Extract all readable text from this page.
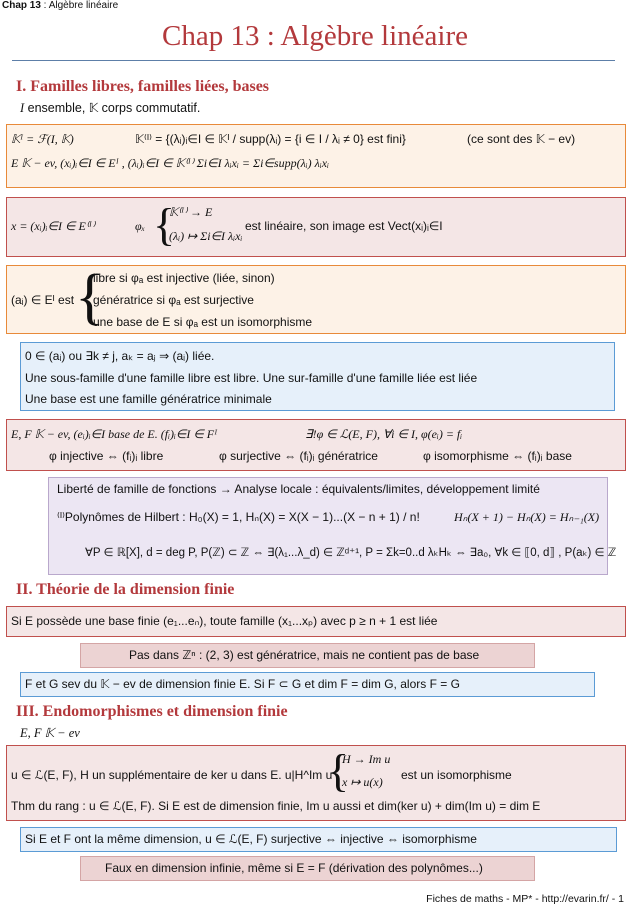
Chap 13 : Algèbre linéaire
Chap 13 : Algèbre linéaire
I. Familles libres, familles liées, bases
I ensemble, 𝕂 corps commutatif.
𝕂ᴵ = ℱ(I, 𝕂)	𝕂⁽ᴵ⁾ = {(λᵢ)ᵢ∈I ∈ 𝕂ᴵ / supp(λᵢ) = {i ∈ I / λᵢ ≠ 0} est fini}	(ce sont des 𝕂 − ev)
E 𝕂 − ev, (xᵢ)ᵢ∈I ∈ Eᴵ , (λᵢ)ᵢ∈I ∈ 𝕂⁽ᴵ⁾ Σi∈I λᵢxᵢ = Σi∈supp(λᵢ) λᵢxᵢ
x = (xᵢ)ᵢ∈I ∈ E⁽ᴵ⁾	φₓ {
𝕂⁽ᴵ⁾ → E
(λᵢ) ↦ Σi∈I λᵢxᵢ
est linéaire, son image est Vect(xᵢ)ᵢ∈I
(aᵢ) ∈ Eᴵ est {
libre si φₐ est injective (liée, sinon)
génératrice si φₐ est surjective
une base de E si φₐ est un isomorphisme
0 ∈ (aᵢ) ou ∃k ≠ j, aₖ = aⱼ ⇒ (aᵢ) liée.
Une sous-famille d'une famille libre est libre. Une sur-famille d'une famille liée est liée
Une base est une famille génératrice minimale
E, F 𝕂 − ev, (eᵢ)ᵢ∈I base de E. (fᵢ)ᵢ∈I ∈ Fᴵ	∃!φ ∈ ℒ(E, F), ∀i ∈ I, φ(eᵢ) = fᵢ
φ injective ⇔ (fᵢ)ᵢ libre	φ surjective ⇔ (fᵢ)ᵢ génératrice	φ isomorphisme ⇔ (fᵢ)ᵢ base
Liberté de famille de fonctions → Analyse locale : équivalents/limites, développement limité
⁽ᴵ⁾Polynômes de Hilbert : H₀(X) = 1, Hₙ(X) = X(X − 1)...(X − n + 1) / n!	Hₙ(X + 1) − Hₙ(X) = Hₙ₋₁(X)
∀P ∈ ℝ[X], d = deg P, P(ℤ) ⊂ ℤ ⇔ ∃(λ₁...λ_d) ∈ ℤᵈ⁺¹, P = Σk=0..d λₖHₖ ⇔ ∃a₀, ∀k ∈ ⟦0, d⟧ , P(aₖ) ∈ ℤ
II. Théorie de la dimension finie
Si E possède une base finie (e₁...eₙ), toute famille (x₁...xₚ) avec p ≥ n + 1 est liée
Pas dans ℤⁿ : (2, 3) est génératrice, mais ne contient pas de base
F et G sev du 𝕂 − ev de dimension finie E. Si F ⊂ G et dim F = dim G, alors F = G
III. Endomorphismes et dimension finie
E, F 𝕂 − ev
u ∈ ℒ(E, F), H un supplémentaire de ker u dans E. u|H^Im u
{
H → Im u
x ↦ u(x) est un isomorphisme
Thm du rang : u ∈ ℒ(E, F). Si E est de dimension finie, Im u aussi et dim(ker u) + dim(Im u) = dim E
Si E et F ont la même dimension, u ∈ ℒ(E, F) surjective ⇔ injective ⇔ isomorphisme
Faux en dimension infinie, même si E = F (dérivation des polynômes...)
Fiches de maths - MP* - http://evarin.fr/ - 1
